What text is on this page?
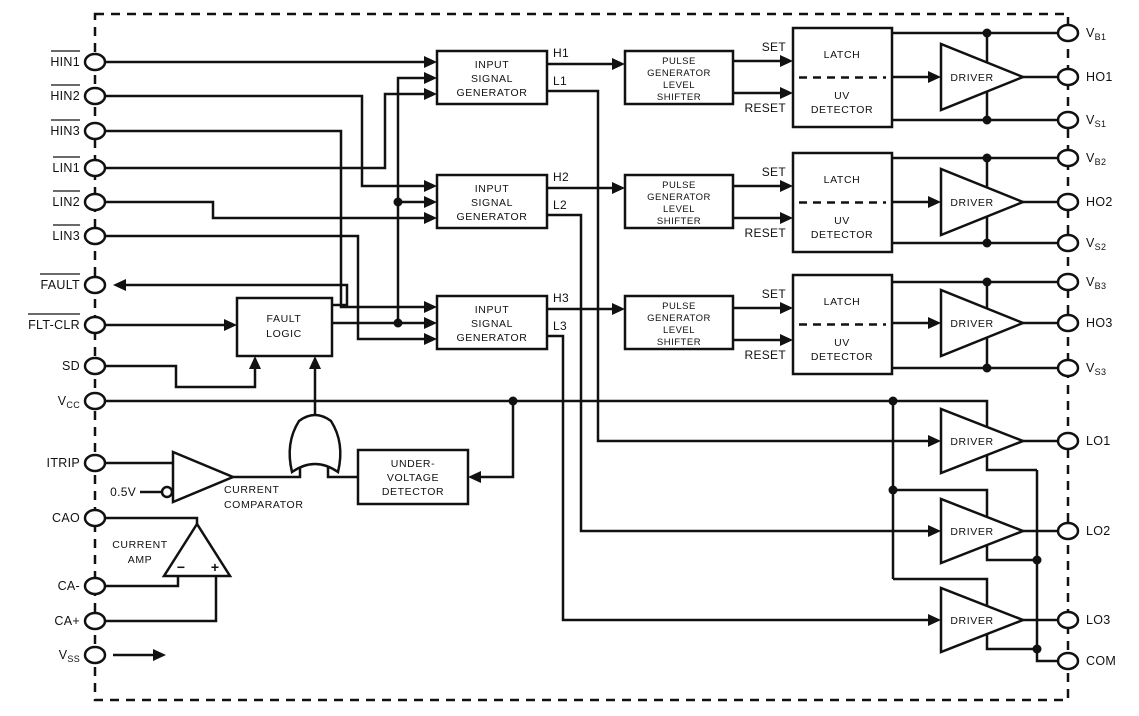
INPUT
SIGNAL
GENERATOR
INPUT
SIGNAL
GENERATOR
INPUT
SIGNAL
GENERATOR
PULSE
GENERATOR
LEVEL
SHIFTER
PULSE
GENERATOR
LEVEL
SHIFTER
PULSE
GENERATOR
LEVEL
SHIFTER
LATCH
UV
DETECTOR
LATCH
UV
DETECTOR
LATCH
UV
DETECTOR
FAULT
LOGIC
UNDER-
VOLTAGE
DETECTOR
CURRENT
COMPARATOR
− +
CURRENT
AMP
DRIVER
DRIVER
DRIVER
DRIVER
DRIVER
DRIVER
H1
L1
H2
L2
H3
L3
SET
RESET
SET
RESET
SET
RESET
0.5V
HIN1
HIN2
HIN3
LIN1
LIN2
LIN3
FAULT
FLT-CLR
SD
$V_{CC}$
ITRIP
CAO
CA-
CA+
$V_{SS}$
$V_{B1}$
HO1
$V_{S1}$
$V_{B2}$
HO2
$V_{S2}$
$V_{B3}$
HO3
$V_{S3}$
LO1
LO2
LO3
COM
